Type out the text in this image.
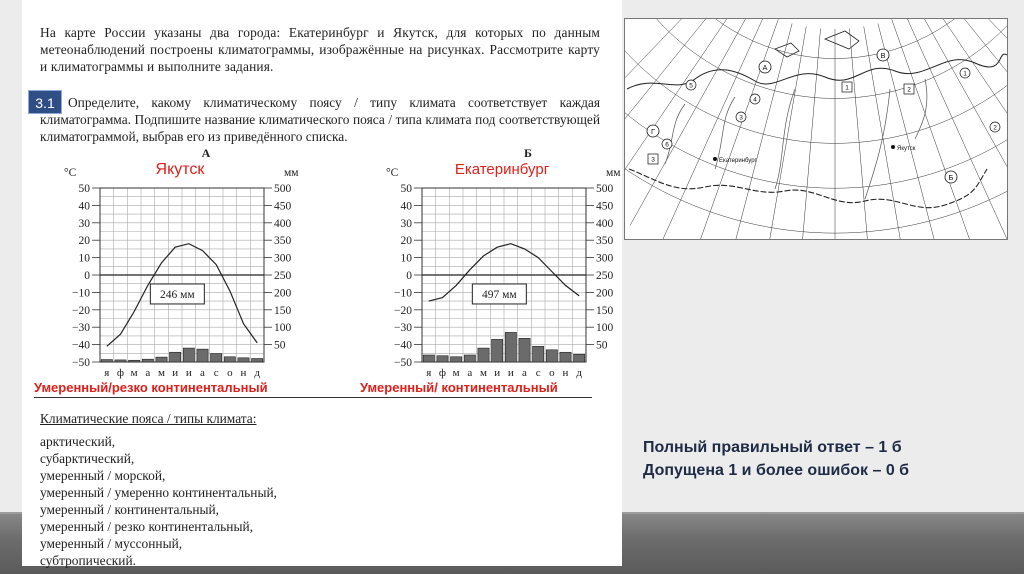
На карте России указаны два города: Екатеринбург и Якутск, для которых по данным метеонаблюдений построены климатограммы, изображённые на рисунках. Рассмотрите карту и климатограммы и выполните задания.

3.1 Определите, какому климатическому поясу / типу климата соответствует каждая климатограмма. Подпишите название климатического пояса / типа климата под соответствующей климатограммой, выбрав его из приведённого списка.

А
Якутск
°C	мм
50
40
30
20
10
0
−10
−20
−30
−40
−50
500
450
400
350
300
250
200
150
100
50
246 мм
я ф м а м и и а с о н д
Б
Екатеринбург
°C	мм
50
40
30
20
10
0
−10
−20
−30
−40
−50
500
450
400
350
300
250
200
150
100
50
497 мм
я ф м а м и и а с о н д
Умеренный/резко континентальный	Умеренный/ континентальный
Климатические пояса / типы климата:
арктический,
субарктический,
умеренный / морской,
умеренный / умеренно континентальный,
умеренный / континентальный,
умеренный / резко континентальный,
умеренный / муссонный,
субтропический.
Екатеринбург
Якутск
А
Б
В
Г
1
2
3
4
5
6
1	2
3
Полный правильный ответ – 1 б
Допущена 1 и более ошибок – 0 б
